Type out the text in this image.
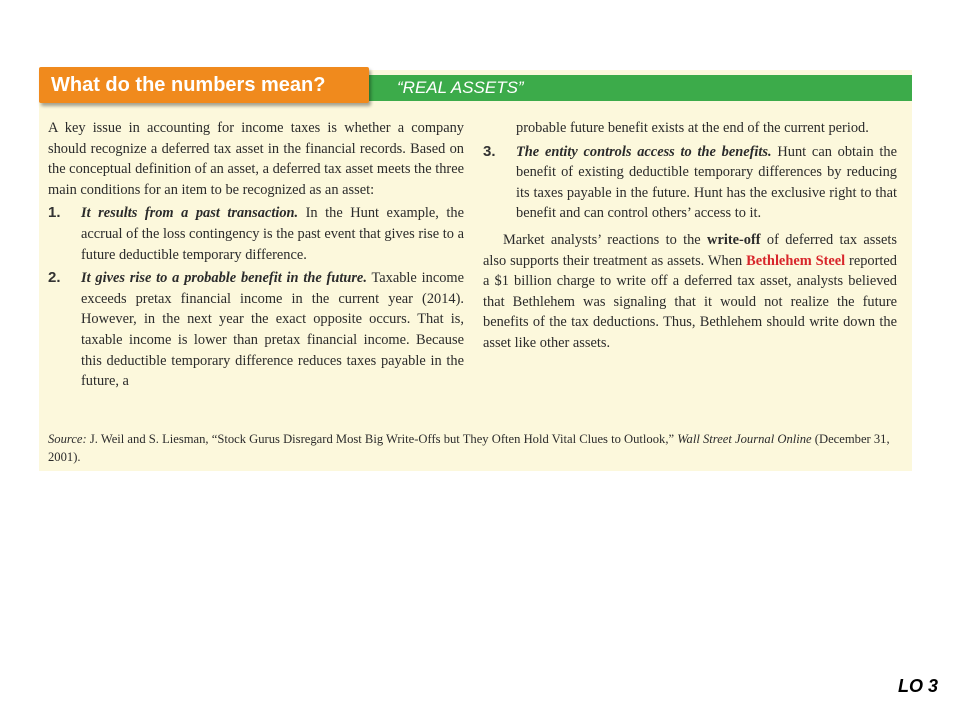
“REAL ASSETS”
What do the numbers mean?

A key issue in accounting for income taxes is whether a company should recognize a deferred tax asset in the financial records. Based on the conceptual definition of an asset, a deferred tax asset meets the three main conditions for an item to be recognized as an asset:

1.	It results from a past transaction. In the Hunt example, the accrual of the loss contingency is the past event that gives rise to a future deductible temporary difference.
2.	It gives rise to a probable benefit in the future. Taxable income exceeds pretax financial income in the current year (2014). However, in the next year the exact opposite occurs. That is, taxable income is lower than pretax financial income. Because this deductible temporary difference reduces taxes payable in the future, a

probable future benefit exists at the end of the current period.

3.	The entity controls access to the benefits. Hunt can obtain the benefit of existing deductible temporary differences by reducing its taxes payable in the future. Hunt has the exclusive right to that benefit and can control others’ access to it.

Market analysts’ reactions to the write-off of deferred tax assets also supports their treatment as assets. When Bethlehem Steel reported a $1 billion charge to write off a deferred tax asset, analysts believed that Bethlehem was signaling that it would not realize the future benefits of the tax deductions. Thus, Bethlehem should write down the asset like other assets.

Source: J. Weil and S. Liesman, “Stock Gurus Disregard Most Big Write-Offs but They Often Hold Vital Clues to Outlook,” Wall Street Journal Online (December 31, 2001).
LO 3
